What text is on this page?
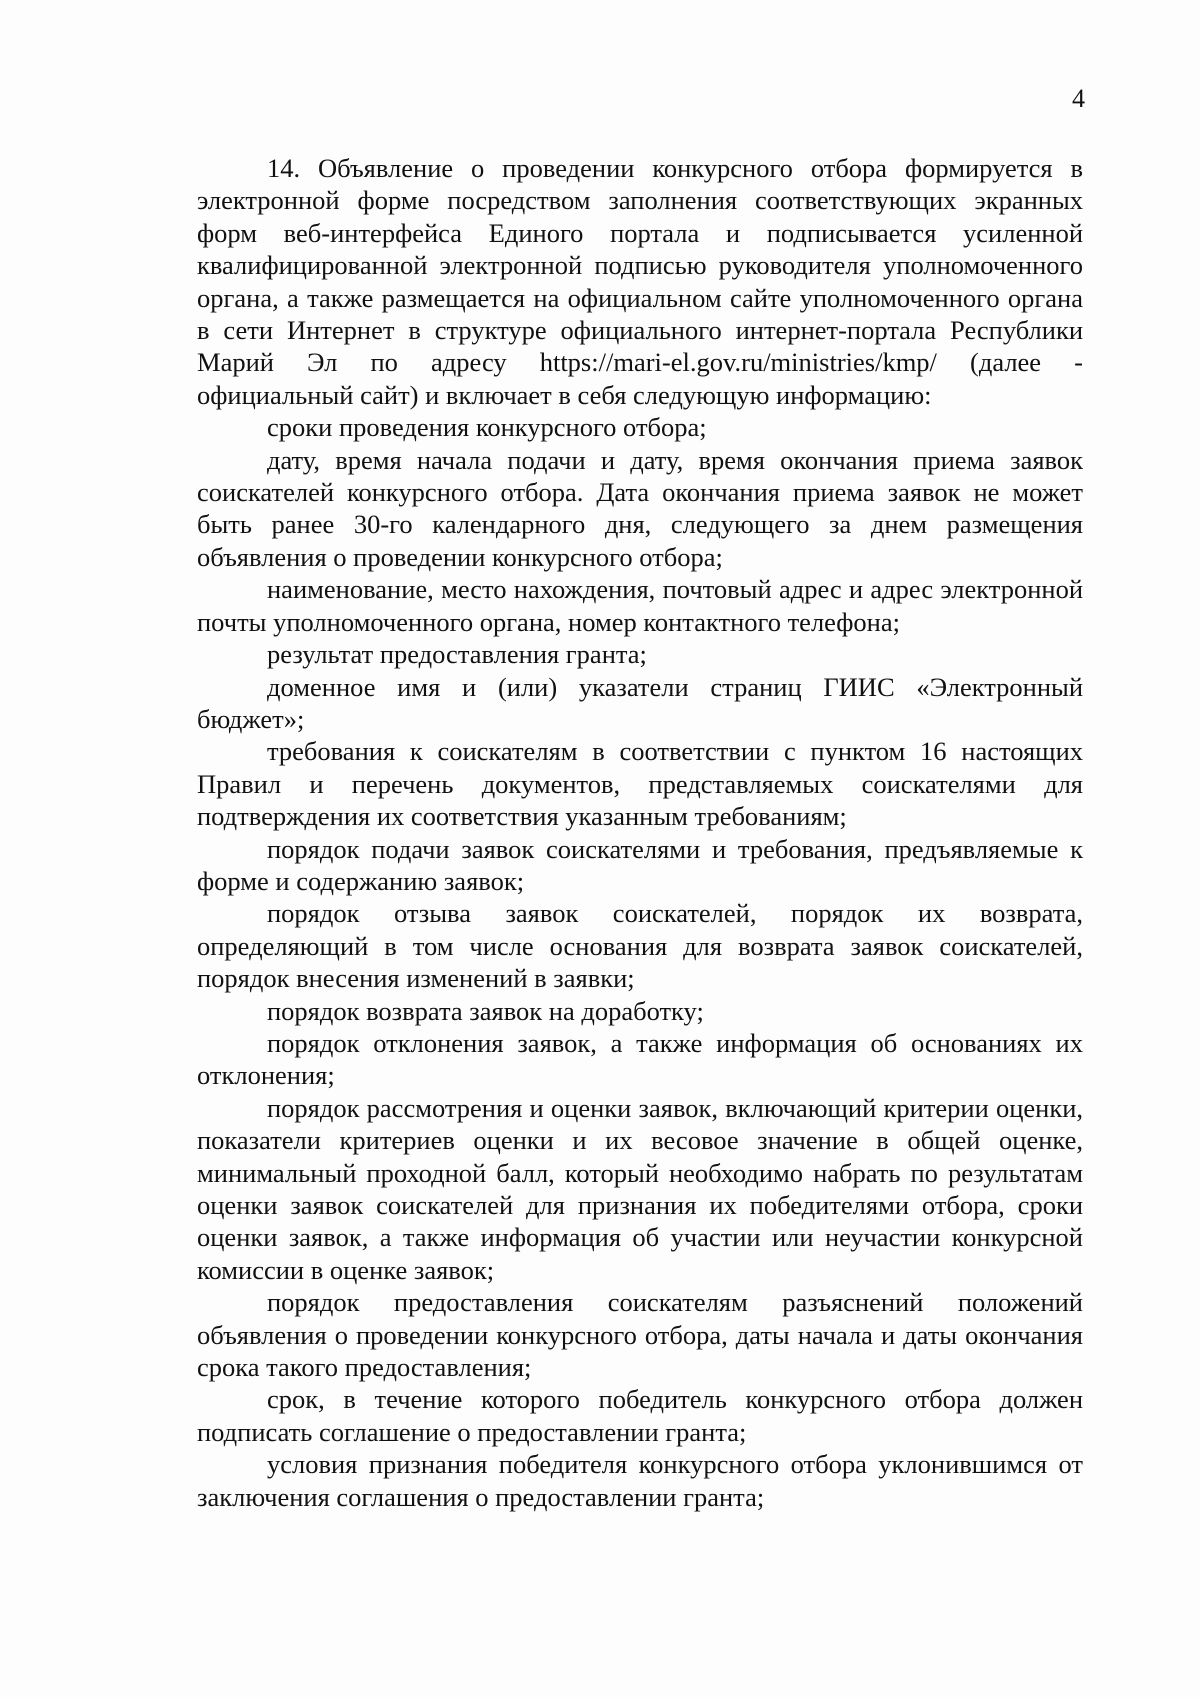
4

14. Объявление о проведении конкурсного отбора формируется в электронной форме посредством заполнения соответствующих экранных форм веб-интерфейса Единого портала и подписывается усиленной квалифицированной электронной подписью руководителя уполномоченного органа, а также размещается на официальном сайте уполномоченного органа в сети Интернет в структуре официального интернет-портала Республики Марий Эл по адресу https://mari-el.gov.ru/ministries/kmp/ (далее - официальный сайт) и включает в себя следующую информацию:

сроки проведения конкурсного отбора;

дату, время начала подачи и дату, время окончания приема заявок соискателей конкурсного отбора. Дата окончания приема заявок не может быть ранее 30-го календарного дня, следующего за днем размещения объявления о проведении конкурсного отбора;

наименование, место нахождения, почтовый адрес и адрес электронной почты уполномоченного органа, номер контактного телефона;

результат предоставления гранта;

доменное имя и (или) указатели страниц ГИИС «Электронный бюджет»;

требования к соискателям в соответствии с пунктом 16 настоящих Правил и перечень документов, представляемых соискателями для подтверждения их соответствия указанным требованиям;

порядок подачи заявок соискателями и требования, предъявляемые к форме и содержанию заявок;

порядок отзыва заявок соискателей, порядок их возврата, определяющий в том числе основания для возврата заявок соискателей, порядок внесения изменений в заявки;

порядок возврата заявок на доработку;

порядок отклонения заявок, а также информация об основаниях их отклонения;

порядок рассмотрения и оценки заявок, включающий критерии оценки, показатели критериев оценки и их весовое значение в общей оценке, минимальный проходной балл, который необходимо набрать по результатам оценки заявок соискателей для признания их победителями отбора, сроки оценки заявок, а также информация об участии или неучастии конкурсной комиссии в оценке заявок;

порядок предоставления соискателям разъяснений положений объявления о проведении конкурсного отбора, даты начала и даты окончания срока такого предоставления;

срок, в течение которого победитель конкурсного отбора должен подписать соглашение о предоставлении гранта;

условия признания победителя конкурсного отбора уклонившимся от заключения соглашения о предоставлении гранта;
